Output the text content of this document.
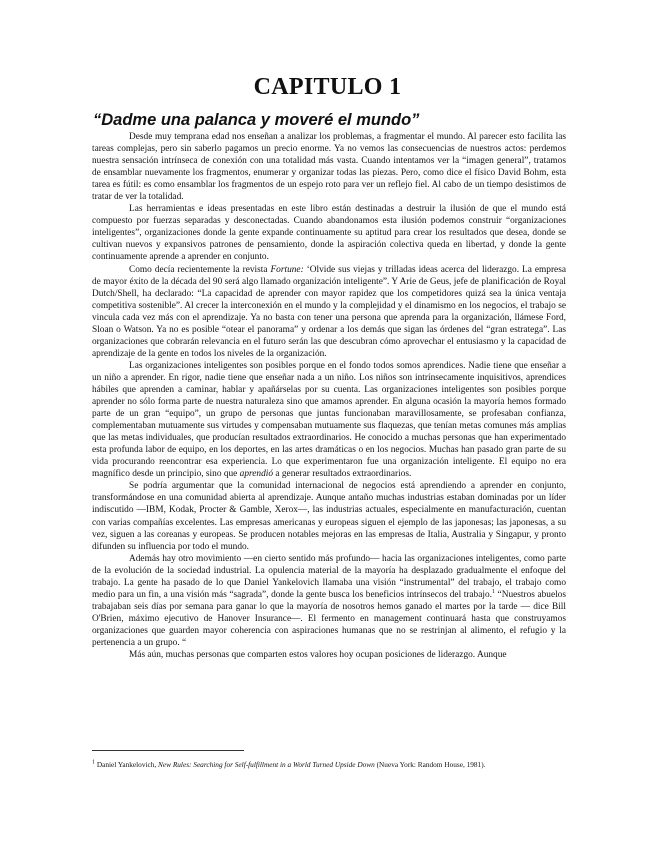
CAPITULO 1
“Dadme una palanca y moveré el mundo”

Desde muy temprana edad nos enseñan a analizar los problemas, a fragmentar el mundo. Al parecer esto facilita las tareas complejas, pero sin saberlo pagamos un precio enorme. Ya no vemos las consecuencias de nuestros actos: perdemos nuestra sensación intrínseca de conexión con una totalidad más vasta. Cuando intentamos ver la “imagen general”, tratamos de ensamblar nuevamente los fragmentos, enumerar y organizar todas las piezas. Pero, como dice el físico David Bohm, esta tarea es fútil: es como ensamblar los fragmentos de un espejo roto para ver un reflejo fiel. Al cabo de un tiempo desistimos de tratar de ver la totalidad.

Las herramientas e ideas presentadas en este libro están destinadas a destruir la ilusión de que el mundo está compuesto por fuerzas separadas y desconectadas. Cuando abandonamos esta ilusión podemos construir “organizaciones inteligentes”, organizaciones donde la gente expande continuamente su aptitud para crear los resultados que desea, donde se cultivan nuevos y expansivos patrones de pensamiento, donde la aspiración colectiva queda en libertad, y donde la gente continuamente aprende a aprender en conjunto.

Como decía recientemente la revista Fortune: ‘Olvide sus viejas y trilladas ideas acerca del liderazgo. La empresa de mayor éxito de la década del 90 será algo llamado organización inteligente”. Y Arie de Geus, jefe de planificación de Royal Dutch/Shell, ha declarado: “La capacidad de aprender con mayor rapidez que los competidores quizá sea la única ventaja competitiva sostenible”. Al crecer la interconexión en el mundo y la complejidad y el dinamismo en los negocios, el trabajo se vincula cada vez más con el aprendizaje. Ya no basta con tener una persona que aprenda para la organización, llámese Ford, Sloan o Watson. Ya no es posible “otear el panorama” y ordenar a los demás que sigan las órdenes del “gran estratega”. Las organizaciones que cobrarán relevancia en el futuro serán las que descubran cómo aprovechar el entusiasmo y la capacidad de aprendizaje de la gente en todos los niveles de la organización.

Las organizaciones inteligentes son posibles porque en el fondo todos somos aprendices. Nadie tiene que enseñar a un niño a aprender. En rigor, nadie tiene que enseñar nada a un niño. Los niños son intrínsecamente inquisitivos, aprendices hábiles que aprenden a caminar, hablar y apañárselas por su cuenta. Las organizaciones inteligentes son posibles porque aprender no sólo forma parte de nuestra naturaleza sino que amamos aprender. En alguna ocasión la mayoría hemos formado parte de un gran “equipo”, un grupo de personas que juntas funcionaban maravillosamente, se profesaban confianza, complementaban mutuamente sus virtudes y compensaban mutuamente sus flaquezas, que tenían metas comunes más amplias que las metas individuales, que producían resultados extraordinarios. He conocido a muchas personas que han experimentado esta profunda labor de equipo, en los deportes, en las artes dramáticas o en los negocios. Muchas han pasado gran parte de su vida procurando reencontrar esa experiencia. Lo que experimentaron fue una organización inteligente. El equipo no era magnífico desde un principio, sino que aprendió a generar resultados extraordinarios.

Se podría argumentar que la comunidad internacional de negocios está aprendiendo a aprender en conjunto, transformándose en una comunidad abierta al aprendizaje. Aunque antaño muchas industrias estaban dominadas por un líder indiscutido —IBM, Kodak, Procter & Gamble, Xerox—, las industrias actuales, especialmente en manufacturación, cuentan con varias compañías excelentes. Las empresas americanas y europeas siguen el ejemplo de las japonesas; las japonesas, a su vez, siguen a las coreanas y europeas. Se producen notables mejoras en las empresas de Italia, Australia y Singapur, y pronto difunden su influencia por todo el mundo.

Además hay otro movimiento —en cierto sentido más profundo— hacia las organizaciones inteligentes, como parte de la evolución de la sociedad industrial. La opulencia material de la mayoría ha desplazado gradualmente el enfoque del trabajo. La gente ha pasado de lo que Daniel Yankelovich llamaba una visión “instrumental” del trabajo, el trabajo como medio para un fin, a una visión más “sagrada”, donde la gente busca los beneficios intrínsecos del trabajo.$^1$ “Nuestros abuelos trabajaban seis días por semana para ganar lo que la mayoría de nosotros hemos ganado el martes por la tarde — dice Bill O'Brien, máximo ejecutivo de Hanover Insurance—. El fermento en management continuará hasta que construyamos organizaciones que guarden mayor coherencia con aspiraciones humanas que no se restrinjan al alimento, el refugio y la pertenencia a un grupo. “

Más aún, muchas personas que comparten estos valores hoy ocupan posiciones de liderazgo. Aunque

$^1$ Daniel Yankelovich, New Rules: Searching for Self-fulfillment in a World Turned Upside Down (Nueva York: Random House, 1981).
